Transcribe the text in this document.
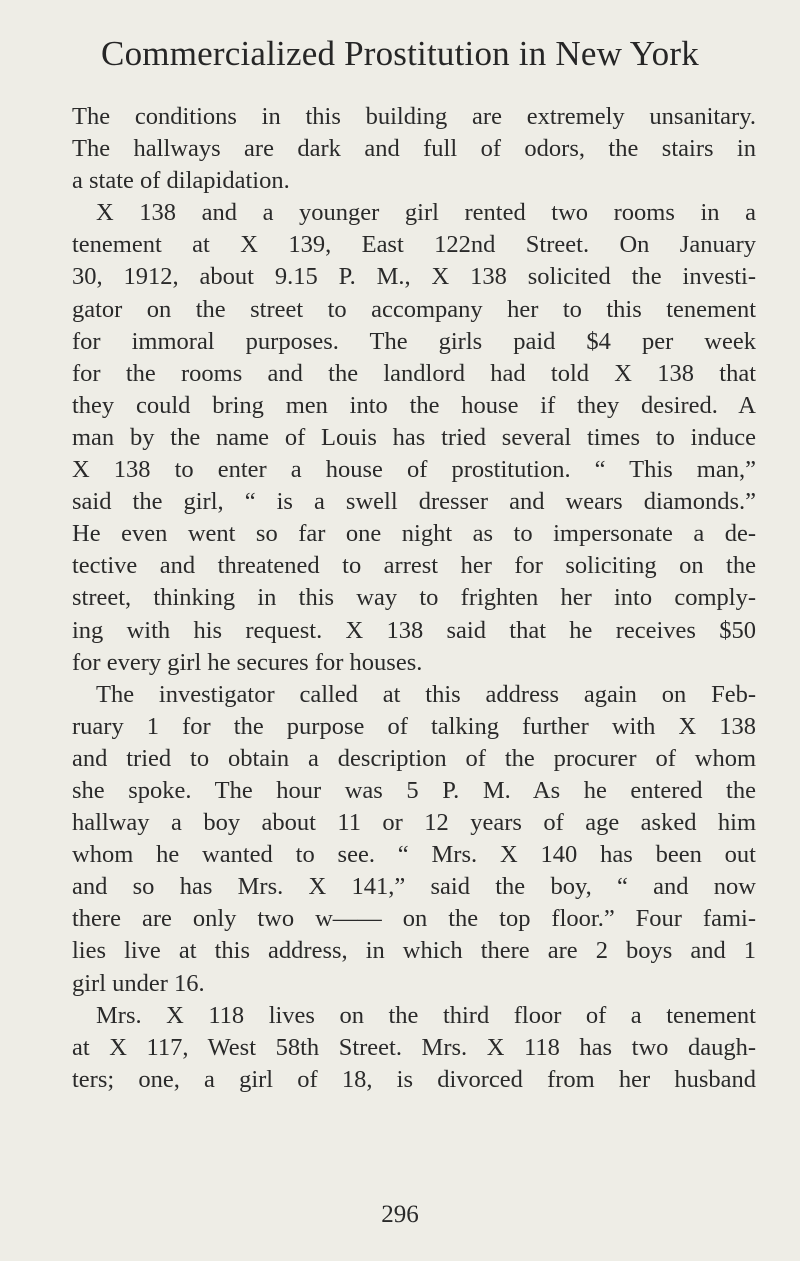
Commercialized Prostitution in New York
The conditions in this building are extremely unsanitary.
The hallways are dark and full of odors, the stairs in
a state of dilapidation.
X 138 and a younger girl rented two rooms in a
tenement at X 139, East 122nd Street. On January
30, 1912, about 9.15 P. M., X 138 solicited the investi-
gator on the street to accompany her to this tenement
for immoral purposes. The girls paid $4 per week
for the rooms and the landlord had told X 138 that
they could bring men into the house if they desired. A
man by the name of Louis has tried several times to induce
X 138 to enter a house of prostitution. “ This man,”
said the girl, “ is a swell dresser and wears diamonds.”
He even went so far one night as to impersonate a de-
tective and threatened to arrest her for soliciting on the
street, thinking in this way to frighten her into comply-
ing with his request. X 138 said that he receives $50
for every girl he secures for houses.
The investigator called at this address again on Feb-
ruary 1 for the purpose of talking further with X 138
and tried to obtain a description of the procurer of whom
she spoke. The hour was 5 P. M. As he entered the
hallway a boy about 11 or 12 years of age asked him
whom he wanted to see. “ Mrs. X 140 has been out
and so has Mrs. X 141,” said the boy, “ and now
there are only two w—— on the top floor.” Four fami-
lies live at this address, in which there are 2 boys and 1
girl under 16.
Mrs. X 118 lives on the third floor of a tenement
at X 117, West 58th Street. Mrs. X 118 has two daugh-
ters; one, a girl of 18, is divorced from her husband
296
